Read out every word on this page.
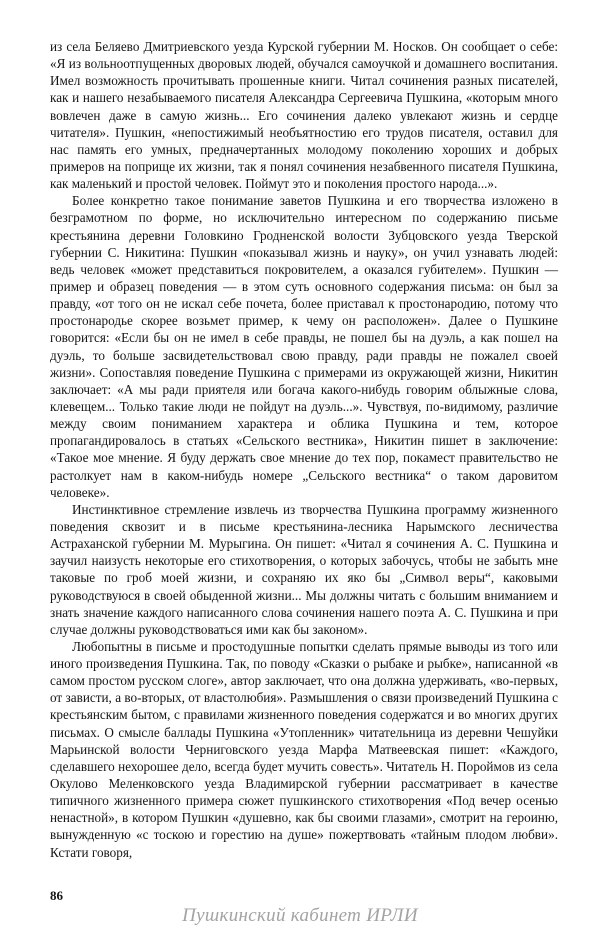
из села Беляево Дмитриевского уезда Курской губернии М. Носков. Он сообщает о себе: «Я из вольноотпущенных дворовых людей, обучался самоучкой и домашнего воспитания. Имел возможность прочитывать прошенные книги. Читал сочинения разных писателей, как и нашего незабываемого писателя Александра Сергеевича Пушкина, «которым много вовлечен даже в самую жизнь... Его сочинения далеко увлекают жизнь и сердце читателя». Пушкин, «непостижимый необъятностию его трудов писателя, оставил для нас память его умных, предначертанных молодому поколению хороших и добрых примеров на поприще их жизни, так я понял сочинения незабвенного писателя Пушкина, как маленький и простой человек. Поймут это и поколения простого народа...».

Более конкретно такое понимание заветов Пушкина и его творчества изложено в безграмотном по форме, но исключительно интересном по содержанию письме крестьянина деревни Головкино Гродненской волости Зубцовского уезда Тверской губернии С. Никитина: Пушкин «показывал жизнь и науку», он учил узнавать людей: ведь человек «может представиться покровителем, а оказался губителем». Пушкин — пример и образец поведения — в этом суть основного содержания письма: он был за правду, «от того он не искал себе почета, более приставал к простонародию, потому что простонародье скорее возьмет пример, к чему он расположен». Далее о Пушкине говорится: «Если бы он не имел в себе правды, не пошел бы на дуэль, а как пошел на дуэль, то больше засвидетельствовал свою правду, ради правды не пожалел своей жизни». Сопоставляя поведение Пушкина с примерами из окружающей жизни, Никитин заключает: «А мы ради приятеля или богача какого-нибудь говорим облыжные слова, клевещем... Только такие люди не пойдут на дуэль...». Чувствуя, по-видимому, различие между своим пониманием характера и облика Пушкина и тем, которое пропагандировалось в статьях «Сельского вестника», Никитин пишет в заключение: «Такое мое мнение. Я буду держать свое мнение до тех пор, покамест правительство не растолкует нам в каком-нибудь номере „Сельского вестника“ о таком даровитом человеке».

Инстинктивное стремление извлечь из творчества Пушкина программу жизненного поведения сквозит и в письме крестьянина-лесника Нарымского лесничества Астраханской губернии М. Мурыгина. Он пишет: «Читал я сочинения А. С. Пушкина и заучил наизусть некоторые его стихотворения, о которых забочусь, чтобы не забыть мне таковые по гроб моей жизни, и сохраняю их яко бы „Символ веры“, каковыми руководствуюся в своей обыденной жизни... Мы должны читать с большим вниманием и знать значение каждого написанного слова сочинения нашего поэта А. С. Пушкина и при случае должны руководствоваться ими как бы законом».

Любопытны в письме и простодушные попытки сделать прямые выводы из того или иного произведения Пушкина. Так, по поводу «Сказки о рыбаке и рыбке», написанной «в самом простом русском слоге», автор заключает, что она должна удерживать, «во-первых, от зависти, а во-вторых, от властолюбия». Размышления о связи произведений Пушкина с крестьянским бытом, с правилами жизненного поведения содержатся и во многих других письмах. О смысле баллады Пушкина «Утопленник» читательница из деревни Чешуйки Марьинской волости Черниговского уезда Марфа Матвеевская пишет: «Каждого, сделавшего нехорошее дело, всегда будет мучить совесть». Читатель Н. Пороймов из села Окулово Меленковского уезда Владимирской губернии рассматривает в качестве типичного жизненного примера сюжет пушкинского стихотворения «Под вечер осенью ненастной», в котором Пушкин «душевно, как бы своими глазами», смотрит на героиню, вынужденную «с тоскою и горестию на душе» пожертвовать «тайным плодом любви». Кстати говоря,

86
Пушкинский кабинет ИРЛИ
